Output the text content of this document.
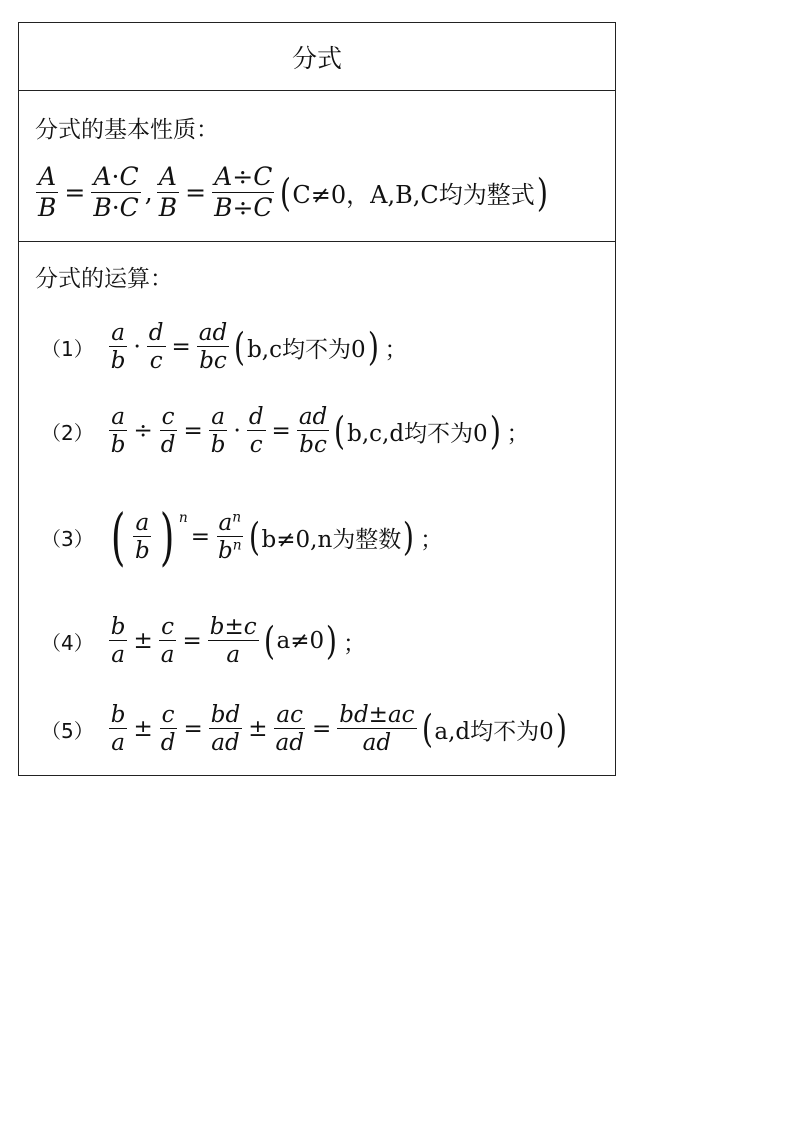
分式
分式的基本性质：
$\frac{A}{B} = \frac{A\cdot C}{B\cdot C}$ , $\frac{A}{B} = \frac{A\div C}{B\div C}$ ( C≠0，A,B,C均为整式 )
分式的运算：
$(1) \frac{a}{b} \cdot \frac{d}{c} = \frac{ad}{bc}$ ( b,c均不为0 ) ；
$(2) \frac{a}{b} \div \frac{c}{d} = \frac{a}{b} \cdot \frac{d}{c} = \frac{ad}{bc}$ ( b,c,d均不为0 ) ；
（3） ( $\frac{a}{b}$ ) $^n$
= $\frac{a^n}{b^n}$ ( b≠0,n为整数 ) ；
$(4) \frac{b}{a} \pm \frac{c}{a} = \frac{b\pm c}{a}$ ( a≠0 ) ；
$(5) \frac{b}{a} \pm \frac{c}{d} = \frac{bd}{ad} \pm \frac{ac}{ad} = \frac{bd\pm ac}{ad}$ ( a,d均不为0 )
